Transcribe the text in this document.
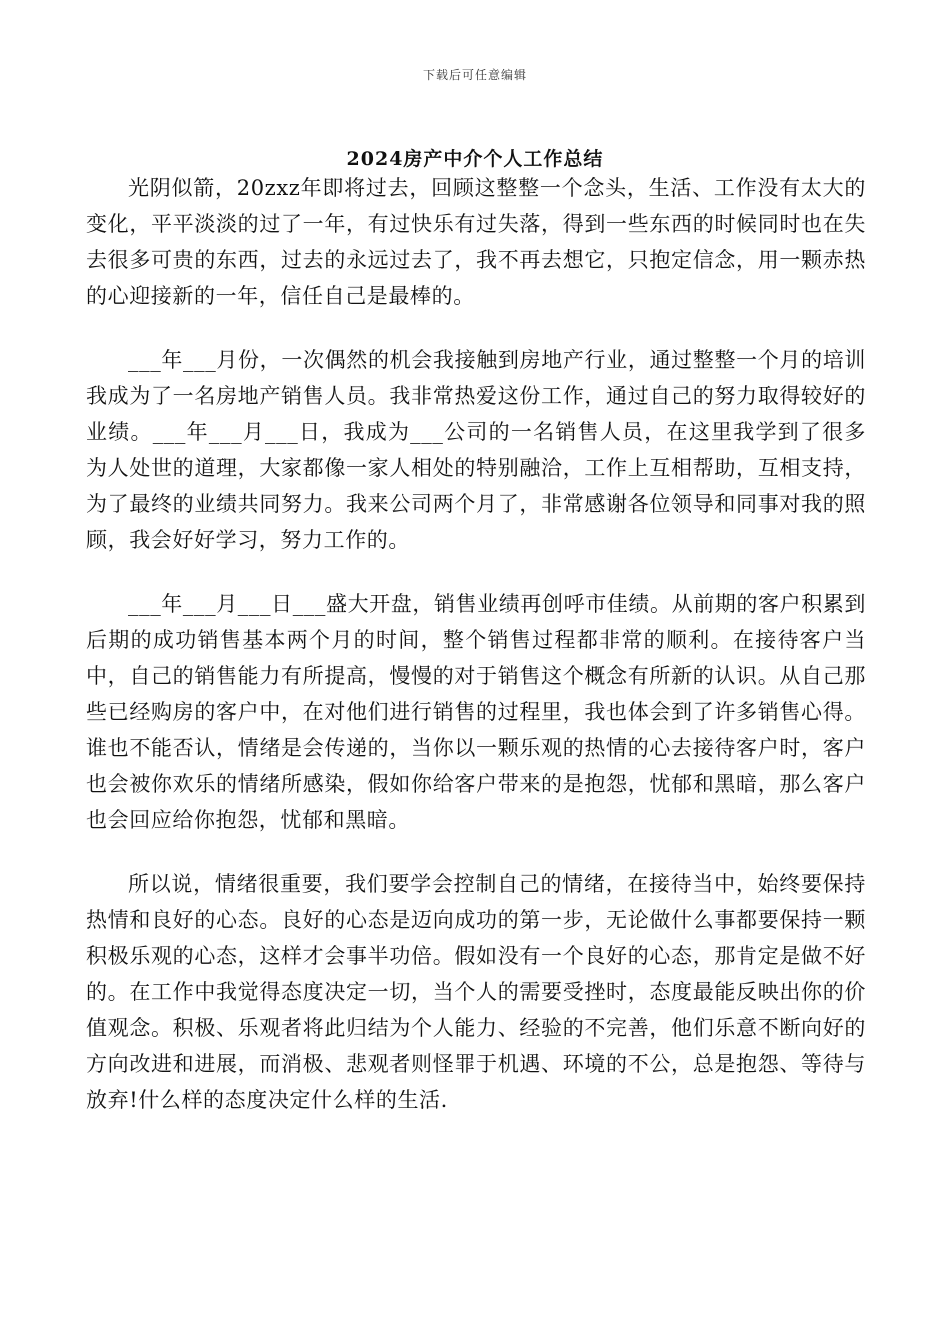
下载后可任意编辑
2024房产中介个人工作总结

光阴似箭，20zxz年即将过去，回顾这整整一个念头，生活、工作没有太大的变化，平平淡淡的过了一年，有过快乐有过失落，得到一些东西的时候同时也在失去很多可贵的东西，过去的永远过去了，我不再去想它，只抱定信念，用一颗赤热的心迎接新的一年，信任自己是最棒的。

___年___月份，一次偶然的机会我接触到房地产行业，通过整整一个月的培训我成为了一名房地产销售人员。我非常热爱这份工作，通过自己的努力取得较好的业绩。___年___月___日，我成为___公司的一名销售人员，在这里我学到了很多为人处世的道理，大家都像一家人相处的特别融洽，工作上互相帮助，互相支持，为了最终的业绩共同努力。我来公司两个月了，非常感谢各位领导和同事对我的照顾，我会好好学习，努力工作的。

___年___月___日___盛大开盘，销售业绩再创呼市佳绩。从前期的客户积累到后期的成功销售基本两个月的时间，整个销售过程都非常的顺利。在接待客户当中，自己的销售能力有所提高，慢慢的对于销售这个概念有所新的认识。从自己那些已经购房的客户中，在对他们进行销售的过程里，我也体会到了许多销售心得。谁也不能否认，情绪是会传递的，当你以一颗乐观的热情的心去接待客户时，客户也会被你欢乐的情绪所感染，假如你给客户带来的是抱怨，忧郁和黑暗，那么客户也会回应给你抱怨，忧郁和黑暗。

所以说，情绪很重要，我们要学会控制自己的情绪，在接待当中，始终要保持热情和良好的心态。良好的心态是迈向成功的第一步，无论做什么事都要保持一颗积极乐观的心态，这样才会事半功倍。假如没有一个良好的心态，那肯定是做不好的。在工作中我觉得态度决定一切，当个人的需要受挫时，态度最能反映出你的价值观念。积极、乐观者将此归结为个人能力、经验的不完善，他们乐意不断向好的方向改进和进展，而消极、悲观者则怪罪于机遇、环境的不公，总是抱怨、等待与放弃!什么样的态度决定什么样的生活.
